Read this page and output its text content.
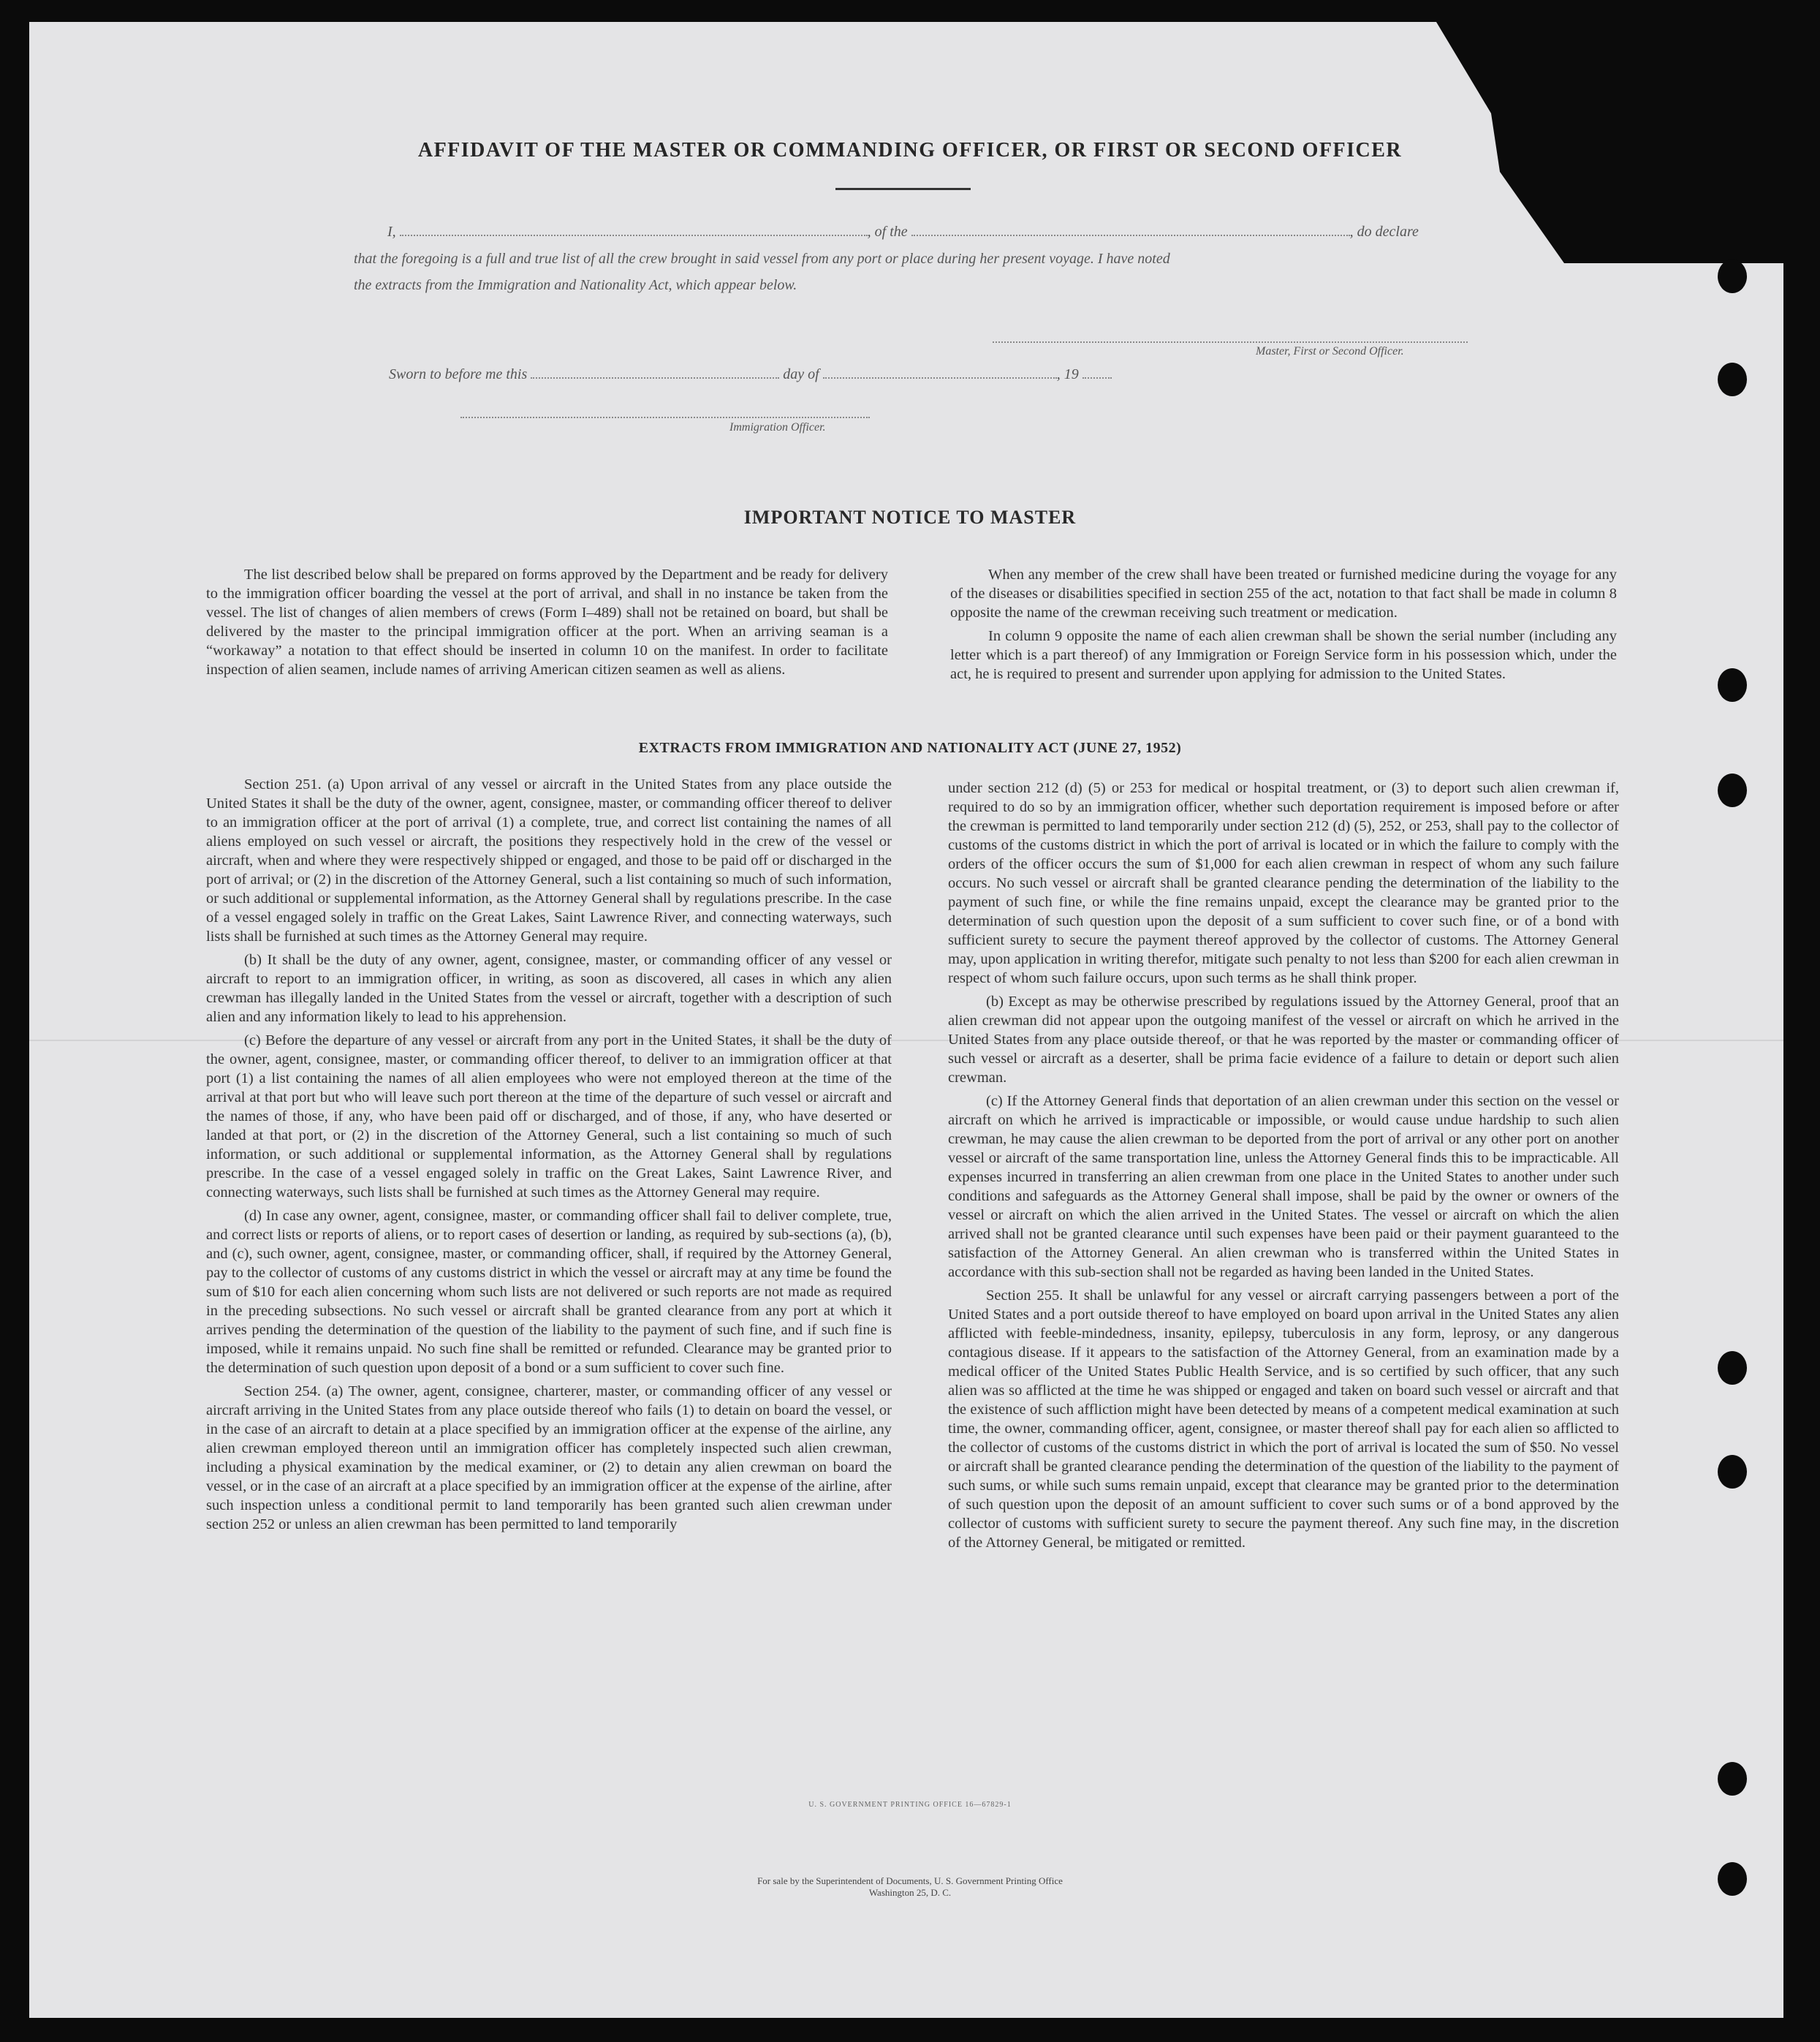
AFFIDAVIT OF THE MASTER OR COMMANDING OFFICER, OR FIRST OR SECOND OFFICER
I,	, of the	, do declare
that the foregoing is a full and true list of all the crew brought in said vessel from any port or place during her present voyage. I have noted
the extracts from the Immigration and Nationality Act, which appear below.
Master, First or Second Officer.
Sworn to before me this	day of	, 19
Immigration Officer.
IMPORTANT NOTICE TO MASTER

The list described below shall be prepared on forms approved by the Department and be ready for delivery to the immigration officer boarding the vessel at the port of arrival, and shall in no instance be taken from the vessel. The list of changes of alien members of crews (Form I–489) shall not be retained on board, but shall be delivered by the master to the principal immigration officer at the port. When an arriving seaman is a “workaway” a notation to that effect should be inserted in column 10 on the manifest. In order to facilitate inspection of alien seamen, include names of arriving American citizen seamen as well as aliens.

When any member of the crew shall have been treated or furnished medicine during the voyage for any of the diseases or disabilities specified in section 255 of the act, notation to that fact shall be made in column 8 opposite the name of the crewman receiving such treatment or medication.

In column 9 opposite the name of each alien crewman shall be shown the serial number (including any letter which is a part thereof) of any Immigration or Foreign Service form in his possession which, under the act, he is required to present and surrender upon applying for admission to the United States.

EXTRACTS FROM IMMIGRATION AND NATIONALITY ACT (JUNE 27, 1952)

Section 251. (a) Upon arrival of any vessel or aircraft in the United States from any place outside the United States it shall be the duty of the owner, agent, consignee, master, or commanding officer thereof to deliver to an immigration officer at the port of arrival (1) a complete, true, and correct list containing the names of all aliens employed on such vessel or aircraft, the positions they respectively hold in the crew of the vessel or aircraft, when and where they were respectively shipped or engaged, and those to be paid off or discharged in the port of arrival; or (2) in the discretion of the Attorney General, such a list containing so much of such information, or such additional or supplemental information, as the Attorney General shall by regulations prescribe. In the case of a vessel engaged solely in traffic on the Great Lakes, Saint Lawrence River, and connecting waterways, such lists shall be furnished at such times as the Attorney General may require.

(b) It shall be the duty of any owner, agent, consignee, master, or commanding officer of any vessel or aircraft to report to an immigration officer, in writing, as soon as discovered, all cases in which any alien crewman has illegally landed in the United States from the vessel or aircraft, together with a description of such alien and any information likely to lead to his apprehension.

(c) Before the departure of any vessel or aircraft from any port in the United States, it shall be the duty of the owner, agent, consignee, master, or commanding officer thereof, to deliver to an immigration officer at that port (1) a list containing the names of all alien employees who were not employed thereon at the time of the arrival at that port but who will leave such port thereon at the time of the departure of such vessel or aircraft and the names of those, if any, who have been paid off or discharged, and of those, if any, who have deserted or landed at that port, or (2) in the discretion of the Attorney General, such a list containing so much of such information, or such additional or supplemental information, as the Attorney General shall by regulations prescribe. In the case of a vessel engaged solely in traffic on the Great Lakes, Saint Lawrence River, and connecting waterways, such lists shall be furnished at such times as the Attorney General may require.

(d) In case any owner, agent, consignee, master, or commanding officer shall fail to deliver complete, true, and correct lists or reports of aliens, or to report cases of desertion or landing, as required by sub-sections (a), (b), and (c), such owner, agent, consignee, master, or commanding officer, shall, if required by the Attorney General, pay to the collector of customs of any customs district in which the vessel or aircraft may at any time be found the sum of $10 for each alien concerning whom such lists are not delivered or such reports are not made as required in the preceding subsections. No such vessel or aircraft shall be granted clearance from any port at which it arrives pending the determination of the question of the liability to the payment of such fine, and if such fine is imposed, while it remains unpaid. No such fine shall be remitted or refunded. Clearance may be granted prior to the determination of such question upon deposit of a bond or a sum sufficient to cover such fine.

Section 254. (a) The owner, agent, consignee, charterer, master, or commanding officer of any vessel or aircraft arriving in the United States from any place outside thereof who fails (1) to detain on board the vessel, or in the case of an aircraft to detain at a place specified by an immigration officer at the expense of the airline, any alien crewman employed thereon until an immigration officer has completely inspected such alien crewman, including a physical examination by the medical examiner, or (2) to detain any alien crewman on board the vessel, or in the case of an aircraft at a place specified by an immigration officer at the expense of the airline, after such inspection unless a conditional permit to land temporarily has been granted such alien crewman under section 252 or unless an alien crewman has been permitted to land temporarily

under section 212 (d) (5) or 253 for medical or hospital treatment, or (3) to deport such alien crewman if, required to do so by an immigration officer, whether such deportation requirement is imposed before or after the crewman is permitted to land temporarily under section 212 (d) (5), 252, or 253, shall pay to the collector of customs of the customs district in which the port of arrival is located or in which the failure to comply with the orders of the officer occurs the sum of $1,000 for each alien crewman in respect of whom any such failure occurs. No such vessel or aircraft shall be granted clearance pending the determination of the liability to the payment of such fine, or while the fine remains unpaid, except the clearance may be granted prior to the determination of such question upon the deposit of a sum sufficient to cover such fine, or of a bond with sufficient surety to secure the payment thereof approved by the collector of customs. The Attorney General may, upon application in writing therefor, mitigate such penalty to not less than $200 for each alien crewman in respect of whom such failure occurs, upon such terms as he shall think proper.

(b) Except as may be otherwise prescribed by regulations issued by the Attorney General, proof that an alien crewman did not appear upon the outgoing manifest of the vessel or aircraft on which he arrived in the United States from any place outside thereof, or that he was reported by the master or commanding officer of such vessel or aircraft as a deserter, shall be prima facie evidence of a failure to detain or deport such alien crewman.

(c) If the Attorney General finds that deportation of an alien crewman under this section on the vessel or aircraft on which he arrived is impracticable or impossible, or would cause undue hardship to such alien crewman, he may cause the alien crewman to be deported from the port of arrival or any other port on another vessel or aircraft of the same transportation line, unless the Attorney General finds this to be impracticable. All expenses incurred in transferring an alien crewman from one place in the United States to another under such conditions and safeguards as the Attorney General shall impose, shall be paid by the owner or owners of the vessel or aircraft on which the alien arrived in the United States. The vessel or aircraft on which the alien arrived shall not be granted clearance until such expenses have been paid or their payment guaranteed to the satisfaction of the Attorney General. An alien crewman who is transferred within the United States in accordance with this sub-section shall not be regarded as having been landed in the United States.

Section 255. It shall be unlawful for any vessel or aircraft carrying passengers between a port of the United States and a port outside thereof to have employed on board upon arrival in the United States any alien afflicted with feeble-mindedness, insanity, epilepsy, tuberculosis in any form, leprosy, or any dangerous contagious disease. If it appears to the satisfaction of the Attorney General, from an examination made by a medical officer of the United States Public Health Service, and is so certified by such officer, that any such alien was so afflicted at the time he was shipped or engaged and taken on board such vessel or aircraft and that the existence of such affliction might have been detected by means of a competent medical examination at such time, the owner, commanding officer, agent, consignee, or master thereof shall pay for each alien so afflicted to the collector of customs of the customs district in which the port of arrival is located the sum of $50. No vessel or aircraft shall be granted clearance pending the determination of the question of the liability to the payment of such sums, or while such sums remain unpaid, except that clearance may be granted prior to the determination of such question upon the deposit of an amount sufficient to cover such sums or of a bond approved by the collector of customs with sufficient surety to secure the payment thereof. Any such fine may, in the discretion of the Attorney General, be mitigated or remitted.

U. S. GOVERNMENT PRINTING OFFICE 16—67829-1
For sale by the Superintendent of Documents, U. S. Government Printing Office
Washington 25, D. C.
